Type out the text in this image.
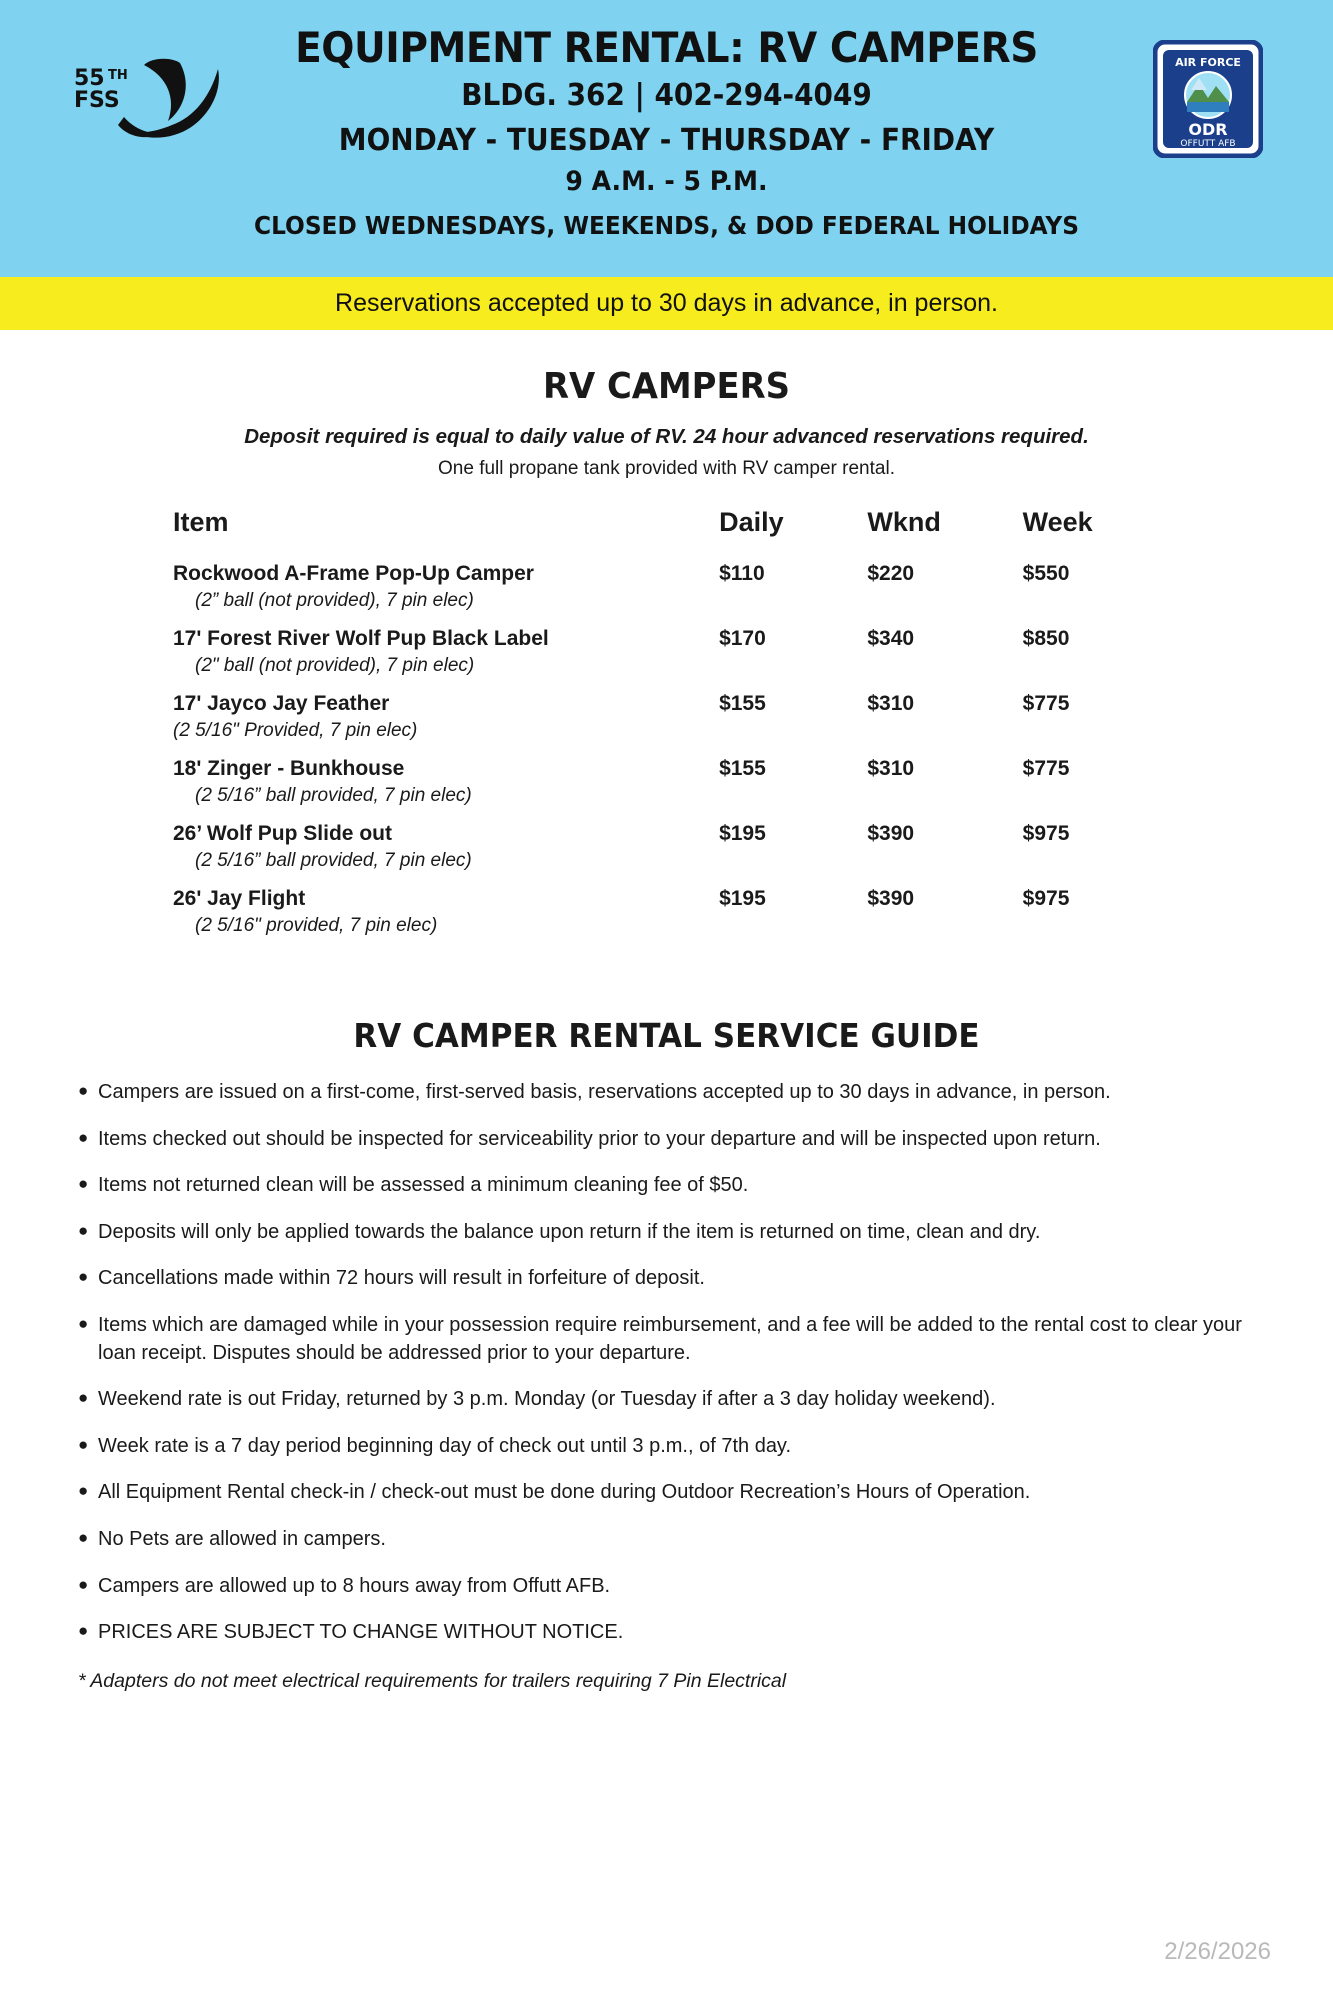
55 TH
FSS
EQUIPMENT RENTAL: RV CAMPERS
BLDG. 362 | 402-294-4049
MONDAY - TUESDAY - THURSDAY - FRIDAY
9 A.M. - 5 P.M.
CLOSED WEDNESDAYS, WEEKENDS, & DOD FEDERAL HOLIDAYS
AIR FORCE
ODR
OFFUTT AFB
Reservations accepted up to 30 days in advance, in person.
RV CAMPERS
Deposit required is equal to daily value of RV. 24 hour advanced reservations required.
One full propane tank provided with RV camper rental.
Item	Daily	Wknd	Week
Rockwood A-Frame Pop-Up Camper
(2” ball (not provided), 7 pin elec)	$110	$220	$550
17' Forest River Wolf Pup Black Label
(2" ball (not provided), 7 pin elec)	$170	$340	$850
17' Jayco Jay Feather
(2 5/16" Provided, 7 pin elec)	$155	$310	$775
18' Zinger - Bunkhouse
(2 5/16” ball provided, 7 pin elec)	$155	$310	$775
26’ Wolf Pup Slide out
(2 5/16” ball provided, 7 pin elec)	$195	$390	$975
26' Jay Flight
(2 5/16" provided, 7 pin elec)	$195	$390	$975
RV CAMPER RENTAL SERVICE GUIDE
● Campers are issued on a first-come, first-served basis, reservations accepted up to 30 days in advance, in person.
● Items checked out should be inspected for serviceability prior to your departure and will be inspected upon return.
● Items not returned clean will be assessed a minimum cleaning fee of $50.
● Deposits will only be applied towards the balance upon return if the item is returned on time, clean and dry.
● Cancellations made within 72 hours will result in forfeiture of deposit.
● Items which are damaged while in your possession require reimbursement, and a fee will be added to the rental cost to clear your loan receipt. Disputes should be addressed prior to your departure.
● Weekend rate is out Friday, returned by 3 p.m. Monday (or Tuesday if after a 3 day holiday weekend).
● Week rate is a 7 day period beginning day of check out until 3 p.m., of 7th day.
● All Equipment Rental check-in / check-out must be done during Outdoor Recreation’s Hours of Operation.
● No Pets are allowed in campers.
● Campers are allowed up to 8 hours away from Offutt AFB.
● PRICES ARE SUBJECT TO CHANGE WITHOUT NOTICE.
* Adapters do not meet electrical requirements for trailers requiring 7 Pin Electrical
2/26/2026
